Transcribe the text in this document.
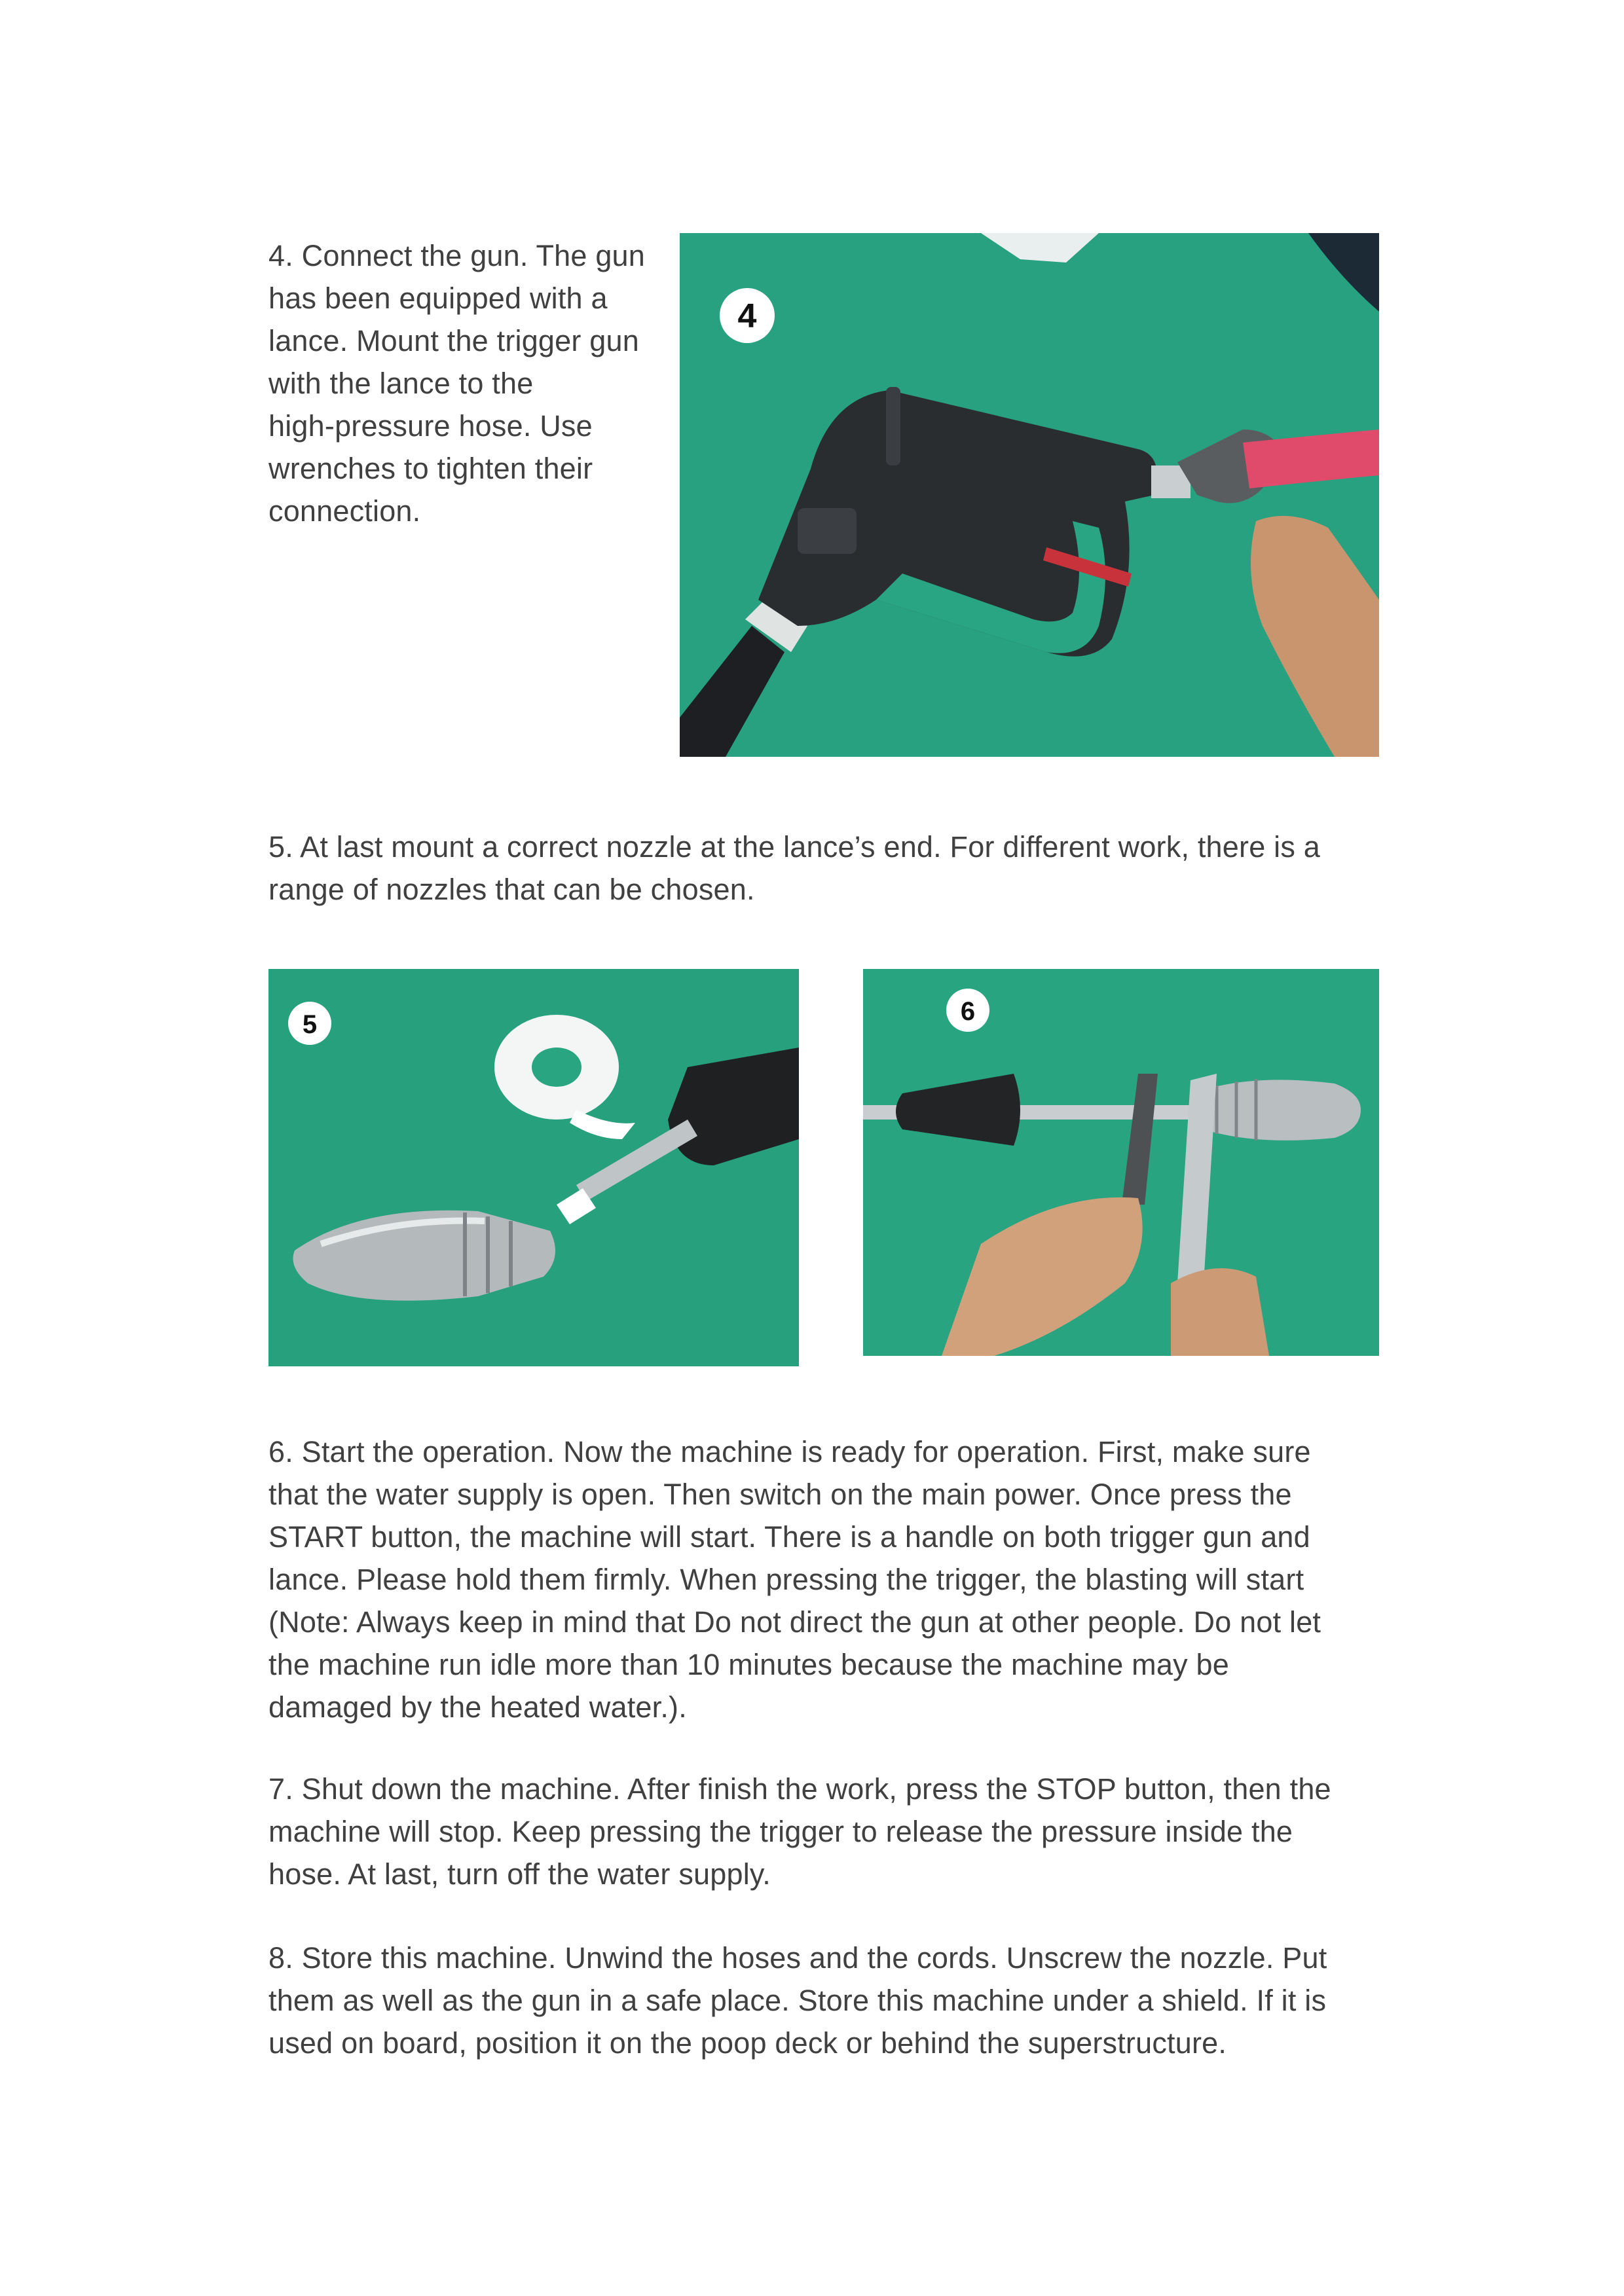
4. Connect the gun. The gun
has been equipped with a
lance. Mount the trigger gun
with the lance to the
high-pressure hose. Use
wrenches to tighten their
connection.

4

5. At last mount a correct nozzle at the lance’s end. For different work, there is a
range of nozzles that can be chosen.

5	6

6. Start the operation. Now the machine is ready for operation. First, make sure
that the water supply is open. Then switch on the main power. Once press the
START button, the machine will start. There is a handle on both trigger gun and
lance. Please hold them firmly. When pressing the trigger, the blasting will start
(Note: Always keep in mind that Do not direct the gun at other people. Do not let
the machine run idle more than 10 minutes because the machine may be
damaged by the heated water.).

7. Shut down the machine. After finish the work, press the STOP button, then the
machine will stop. Keep pressing the trigger to release the pressure inside the
hose. At last, turn off the water supply.

8. Store this machine. Unwind the hoses and the cords. Unscrew the nozzle. Put
them as well as the gun in a safe place. Store this machine under a shield. If it is
used on board, position it on the poop deck or behind the superstructure.
